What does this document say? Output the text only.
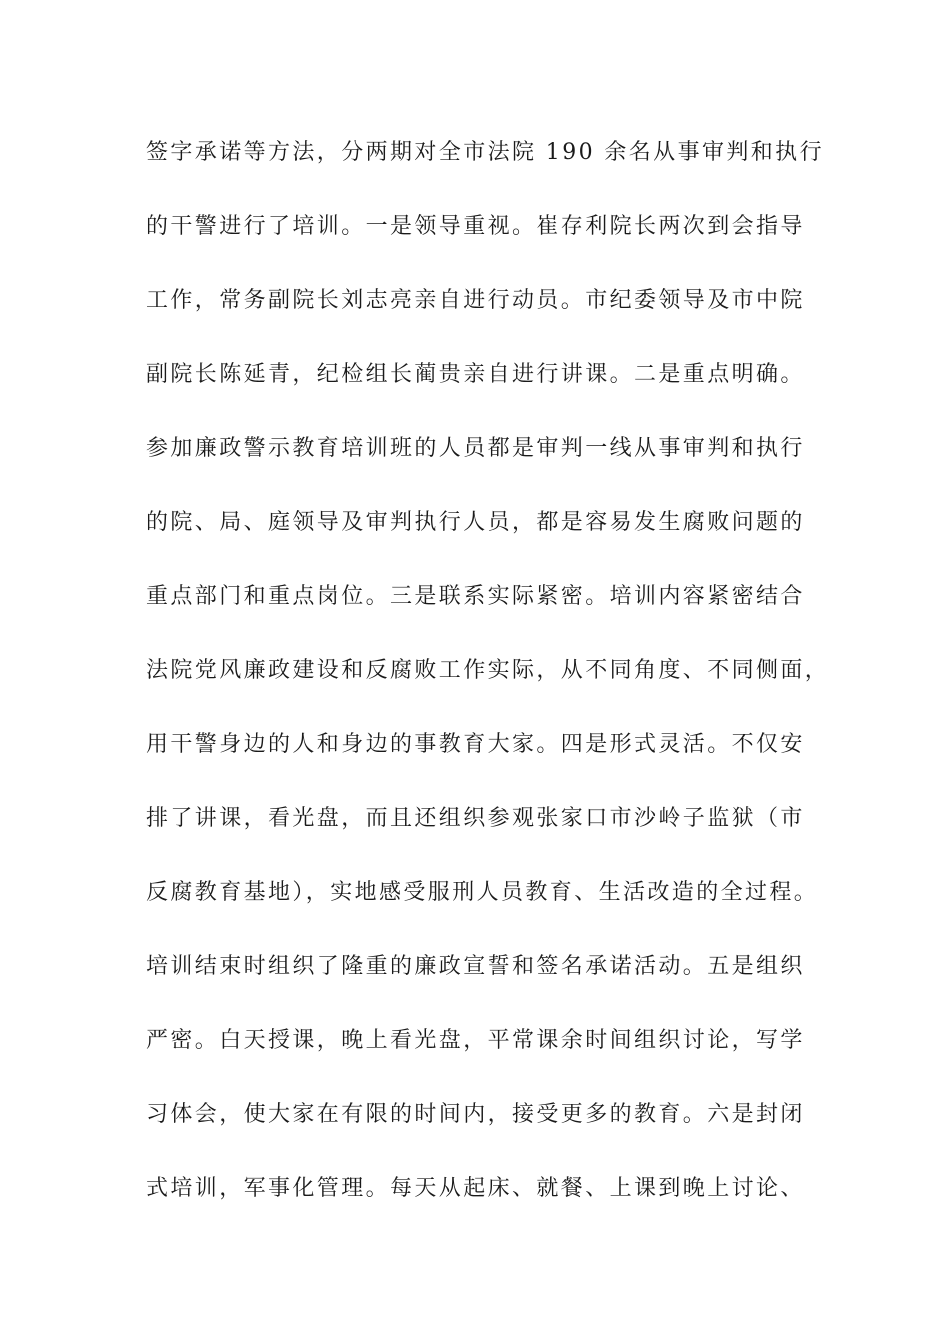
签字承诺等方法，分两期对全市法院 190 余名从事审判和执行
的干警进行了培训。一是领导重视。崔存利院长两次到会指导
工作，常务副院长刘志亮亲自进行动员。市纪委领导及市中院
副院长陈延青，纪检组长蔺贵亲自进行讲课。二是重点明确。
参加廉政警示教育培训班的人员都是审判一线从事审判和执行
的院、局、庭领导及审判执行人员，都是容易发生腐败问题的
重点部门和重点岗位。三是联系实际紧密。培训内容紧密结合
法院党风廉政建设和反腐败工作实际，从不同角度、不同侧面，
用干警身边的人和身边的事教育大家。四是形式灵活。不仅安
排了讲课，看光盘，而且还组织参观张家口市沙岭子监狱（市
反腐教育基地），实地感受服刑人员教育、生活改造的全过程。
培训结束时组织了隆重的廉政宣誓和签名承诺活动。五是组织
严密。白天授课，晚上看光盘，平常课余时间组织讨论，写学
习体会，使大家在有限的时间内，接受更多的教育。六是封闭
式培训，军事化管理。每天从起床、就餐、上课到晚上讨论、
